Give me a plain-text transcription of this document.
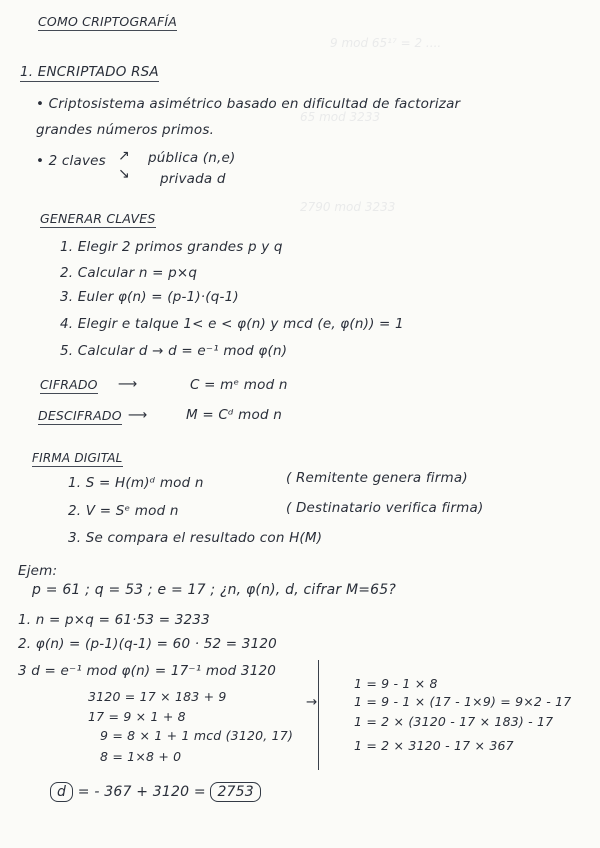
9 mod 65¹⁷ = 2 ....
65 mod 3233
2790 mod 3233
COMO CRIPTOGRAFÍA
1. ENCRIPTADO RSA
• Criptosistema asimétrico basado en dificultad de factorizar
grandes números primos.
• 2 claves ↗
↘
pública (n,e)
privada d
GENERAR CLAVES
1. Elegir 2 primos grandes p y q
2. Calcular n = p×q
3. Euler φ(n) = (p-1)·(q-1)
4. Elegir e talque 1< e < φ(n) y mcd (e, φ(n)) = 1
5. Calcular d → d = e⁻¹ mod φ(n)
CIFRADO ⟶	C = mᵉ mod n
DESCIFRADO ⟶	M = Cᵈ mod n
FIRMA DIGITAL
1. S = H(m)ᵈ mod n	( Remitente genera firma)
2. V = Sᵉ mod n	( Destinatario verifica firma)
3. Se compara el resultado con H(M)
Ejem:
p = 61 ; q = 53 ; e = 17 ; ¿n, φ(n), d, cifrar M=65?
1. n = p×q = 61·53 = 3233
2. φ(n) = (p-1)(q-1) = 60 · 52 = 3120
3 d = e⁻¹ mod φ(n) = 17⁻¹ mod 3120
3120 = 17 × 183 + 9
17 = 9 × 1 + 8
9 = 8 × 1 + 1 mcd (3120, 17)
8 = 1×8 + 0
→
1 = 9 - 1 × 8
1 = 9 - 1 × (17 - 1×9) = 9×2 - 17
1 = 2 × (3120 - 17 × 183) - 17
1 = 2 × 3120 - 17 × 367
d = - 367 + 3120 = 2753
